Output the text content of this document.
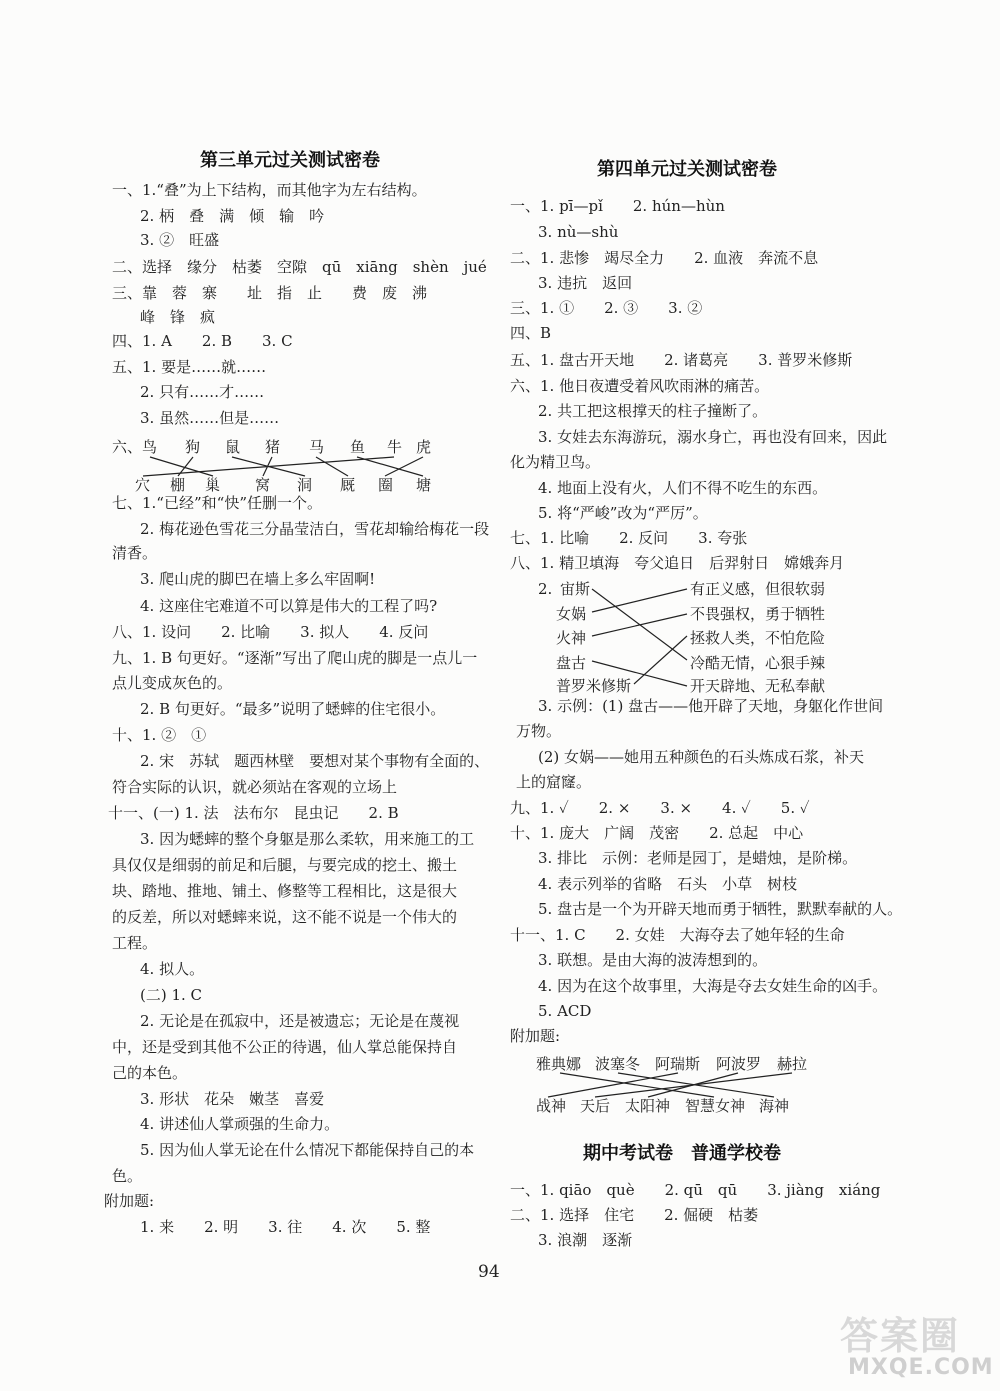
第三单元过关测试密卷
一、1.“叠”为上下结构，而其他字为左右结构。
2. 柄　叠　满　倾　输　吟
3. ②　旺盛
二、选择　缘分　枯萎　空隙　qū　xiāng　shèn　jué
三、靠　蓉　寨　　址　指　止　　费　废　沸
峰　锋　疯
四、1. A　　2. B　　3. C
五、1. 要是……就……
2. 只有……才……
3. 虽然……但是……
六、 鸟 狗 鼠 猪 马 鱼 牛 虎
穴 棚 巢 窝 洞 厩 圈 塘
七、1.“已经”和“快”任删一个。
2. 梅花逊色雪花三分晶莹洁白，雪花却输给梅花一段
清香。
3. 爬山虎的脚巴在墙上多么牢固啊!
4. 这座住宅难道不可以算是伟大的工程了吗?
八、1. 设问　　2. 比喻　　3. 拟人　　4. 反问
九、1. B 句更好。“逐渐”写出了爬山虎的脚是一点儿一
点儿变成灰色的。
2. B 句更好。“最多”说明了蟋蟀的住宅很小。
十、1. ②　①
2. 宋　苏轼　题西林壁　要想对某个事物有全面的、
符合实际的认识，就必须站在客观的立场上
十一、(一) 1. 法　法布尔　昆虫记　　2. B
3. 因为蟋蟀的整个身躯是那么柔软，用来施工的工
具仅仅是细弱的前足和后腿，与要完成的挖土、搬土
块、踏地、推地、铺土、修整等工程相比，这是很大
的反差，所以对蟋蟀来说，这不能不说是一个伟大的
工程。
4. 拟人。
(二) 1. C
2. 无论是在孤寂中，还是被遗忘；无论是在蔑视
中，还是受到其他不公正的待遇，仙人掌总能保持自
己的本色。
3. 形状　花朵　嫩茎　喜爱
4. 讲述仙人掌顽强的生命力。
5. 因为仙人掌无论在什么情况下都能保持自己的本
色。
附加题:
1. 来　　2. 明　　3. 往　　4. 次　　5. 整
第四单元过关测试密卷
一、1. pī—pǐ　　2. hún—hùn
3. nù—shù
二、1. 悲惨　竭尽全力　　2. 血液　奔流不息
3. 违抗　返回
三、1. ①　　2. ③　　3. ②
四、B
五、1. 盘古开天地　　2. 诸葛亮　　3. 普罗米修斯
六、1. 他日夜遭受着风吹雨淋的痛苦。
2. 共工把这根撑天的柱子撞断了。
3. 女娃去东海游玩，溺水身亡，再也没有回来，因此
化为精卫鸟。
4. 地面上没有火，人们不得不吃生的东西。
5. 将“严峻”改为“严厉”。
七、1. 比喻　　2. 反问　　3. 夸张
八、1. 精卫填海　夸父追日　后羿射日　嫦娥奔月
2. 宙斯
女娲
火神
盘古
普罗米修斯
有正义感，但很软弱
不畏强权，勇于牺牲
拯救人类，不怕危险
冷酷无情，心狠手辣
开天辟地、无私奉献
3. 示例：(1) 盘古——他开辟了天地，身躯化作世间
万物。
(2) 女娲——她用五种颜色的石头炼成石浆，补天
上的窟窿。
九、1. ✓　　2. ×　　3. ×　　4. ✓　　5. ✓
十、1. 庞大　广阔　茂密　　2. 总起　中心
3. 排比　示例：老师是园丁，是蜡烛，是阶梯。
4. 表示列举的省略　石头　小草　树枝
5. 盘古是一个为开辟天地而勇于牺牲，默默奉献的人。
十一、1. C　　2. 女娃　大海夺去了她年轻的生命
3. 联想。是由大海的波涛想到的。
4. 因为在这个故事里，大海是夺去女娃生命的凶手。
5. ACD
附加题:
雅典娜 波塞冬 阿瑞斯 阿波罗 赫拉
战神 天后 太阳神 智慧女神 海神
期中考试卷　普通学校卷
一、1. qiāo　què　　2. qū　qū　　3. jiàng　xiáng
二、1. 选择　住宅　　2. 倔硬　枯萎
3. 浪潮　逐渐
94
答案圈
MXQE.COM
